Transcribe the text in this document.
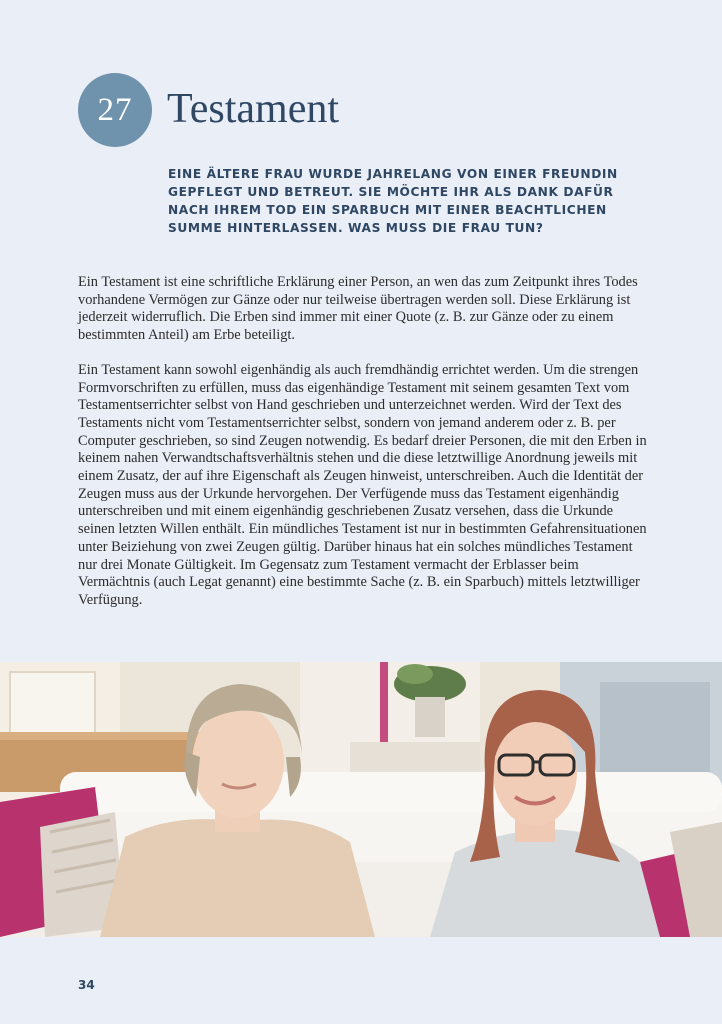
27 Testament

EINE ÄLTERE FRAU WURDE JAHRELANG VON EINER FREUNDIN GEPFLEGT UND BETREUT. SIE MÖCHTE IHR ALS DANK DAFÜR NACH IHREM TOD EIN SPARBUCH MIT EINER BEACHTLICHEN SUMME HINTERLASSEN. WAS MUSS DIE FRAU TUN?

Ein Testament ist eine schriftliche Erklärung einer Person, an wen das zum Zeitpunkt ihres Todes vorhandene Vermögen zur Gänze oder nur teilweise übertragen werden soll. Diese Erklärung ist jederzeit widerruflich. Die Erben sind immer mit einer Quote (z. B. zur Gänze oder zu einem bestimmten Anteil) am Erbe beteiligt.

Ein Testament kann sowohl eigenhändig als auch fremdhändig errichtet werden. Um die strengen Formvorschriften zu erfüllen, muss das eigenhändige Testament mit seinem gesamten Text vom Testamentserrichter selbst von Hand geschrieben und unterzeichnet werden. Wird der Text des Testaments nicht vom Testamentserrichter selbst, sondern von jemand anderem oder z. B. per Computer geschrieben, so sind Zeugen notwendig. Es bedarf dreier Personen, die mit den Erben in keinem nahen Verwandtschaftsverhältnis stehen und die diese letztwillige Anordnung jeweils mit einem Zusatz, der auf ihre Eigenschaft als Zeugen hinweist, unterschreiben. Auch die Identität der Zeugen muss aus der Urkunde hervorgehen. Der Verfügende muss das Testament eigenhändig unterschreiben und mit einem eigenhändig geschriebenen Zusatz versehen, dass die Urkunde seinen letzten Willen enthält. Ein mündliches Testament ist nur in bestimmten Gefahrensituationen unter Beiziehung von zwei Zeugen gültig. Darüber hinaus hat ein solches mündliches Testament nur drei Monate Gültigkeit. Im Gegensatz zum Testament vermacht der Erblasser beim Vermächtnis (auch Legat genannt) eine bestimmte Sache (z. B. ein Sparbuch) mittels letztwilliger Verfügung.

34
